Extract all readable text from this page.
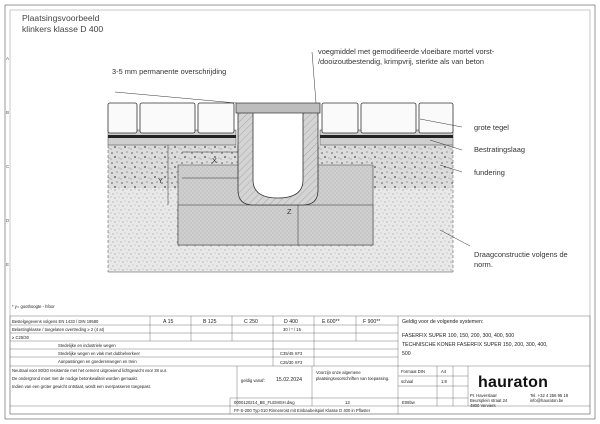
Plaatsingsvoorbeeld
klinkers klasse D 400
voegmiddel met gemodifieerde vloeibare mortel vorst-
/dooizoutbestendig, krimpvrij, sterkte als van beton
3-5 mm permanente overschrijding
grote tegel
Bestratingslaag
fundering
Draagconstructie volgens de
norm.
X
Y
Z
* y= goothoogte - hfoor
A
B
C
D
E
Bestelgegevens volgens EN 1433 / DIN 19580	A 15	B 125	C 250	D 400	E 600**	F 900**
Belastingklasse / toegelaten overtreding ≥ 2 (4 at)	30 / * / 15
≥ C25/30
Stedelijke en industriele wegen
Stedelijke wegen en vlak met dubbelverkeer	C35/45 XF3
Aanpassingen en goederenwegen en trein	C25/30 XF3
Neutraal voor 80/20 resistentie met het cement uitgroeiend lichtgewicht voor 28 uur.
De ondergrond moet met de nodige betonkwaliteit worden gemaakt.
Indien van een groter gewicht ontstaat, wordt een overpasseren toegepast.
Geldig voor de volgende systemen:
FASERFIX SUPER 100, 150, 200, 300, 400, 500
TECHNISCHE KONER FASERFIX SUPER 150, 200, 300, 400,
500
geldig vanaf: 15.02.2024
Voorzijn onze algemene
plaatsingsvoorschriften van toepassing.
Formaat DIN	A4
schaal	1:8
0000120214_BE_FLEMISH.dwg	13	E08bw
FF-S-200 Typ 010 Rinnenrost mit Einbaubeispiel Klasse D 400 in Pflaster
hauraton
Pr. Haverslaan
Beursplein straat 24
4800 Verviers
Tel. +32 4 256 95 18
info@hauraton.be
